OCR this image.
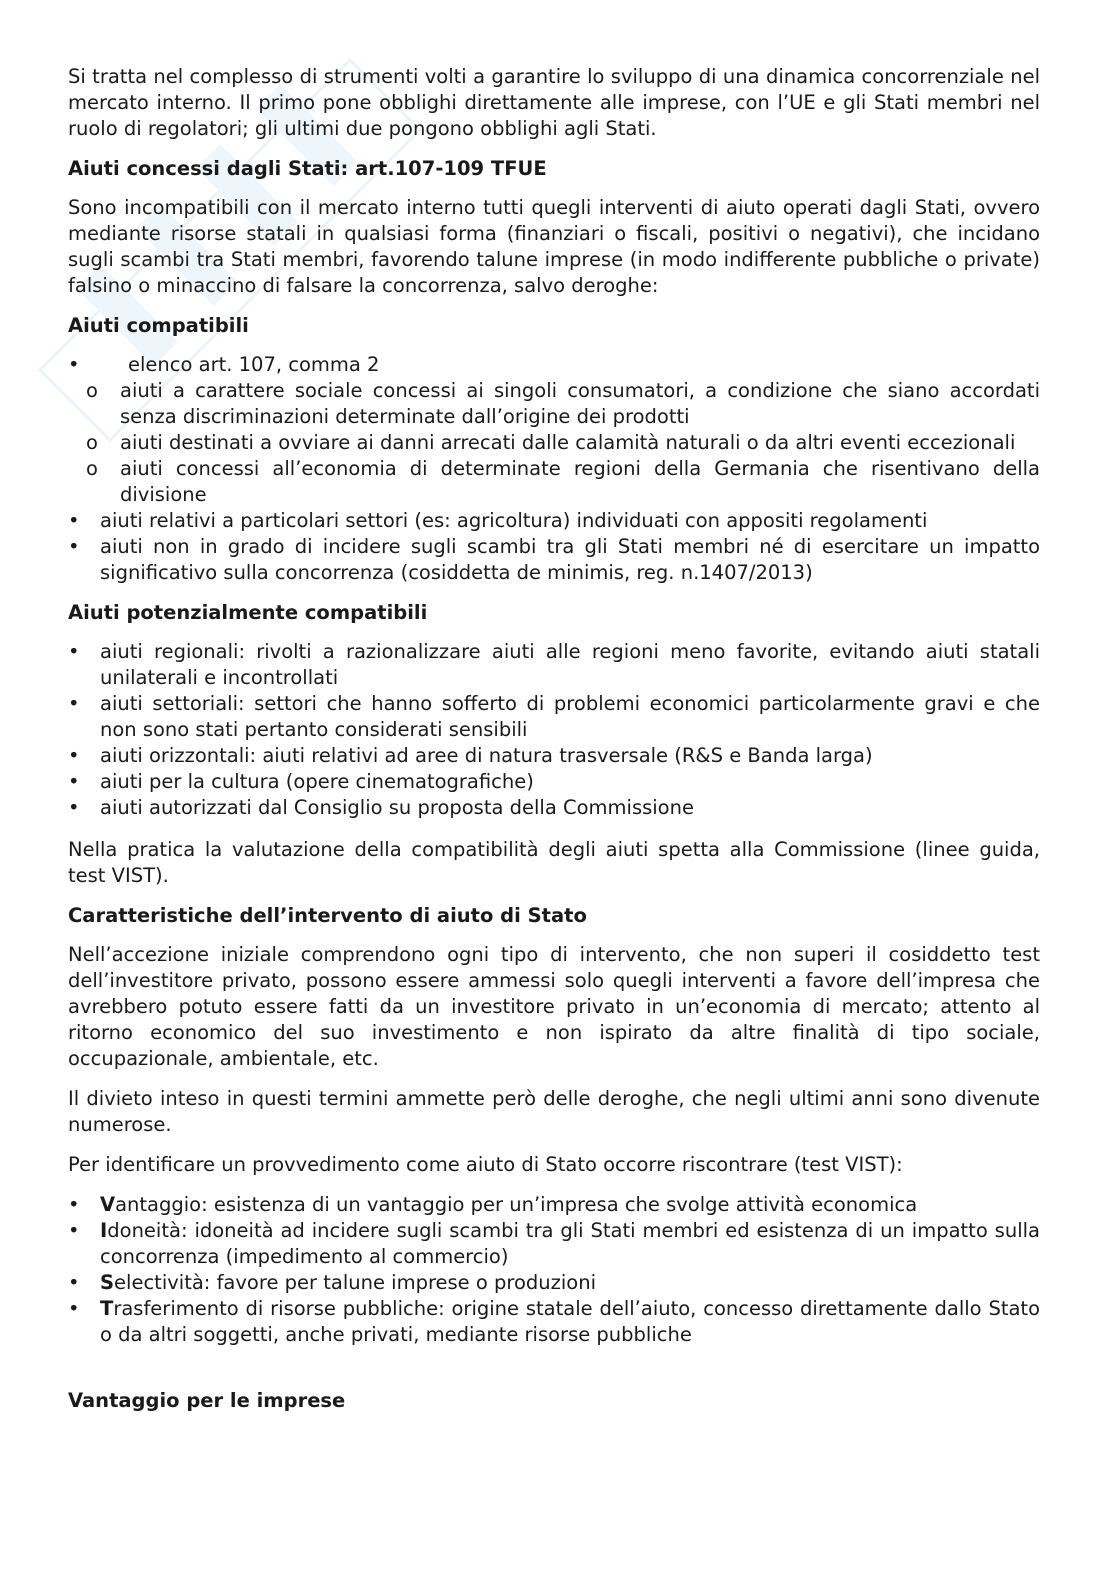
Si tratta nel complesso di strumenti volti a garantire lo sviluppo di una dinamica concorrenziale nel mercato interno. Il primo pone obblighi direttamente alle imprese, con l’UE e gli Stati membri nel ruolo di regolatori; gli ultimi due pongono obblighi agli Stati.

Aiuti concessi dagli Stati: art.107-109 TFUE

Sono incompatibili con il mercato interno tutti quegli interventi di aiuto operati dagli Stati, ovvero mediante risorse statali in qualsiasi forma (finanziari o fiscali, positivi o negativi), che incidano sugli scambi tra Stati membri, favorendo talune imprese (in modo indifferente pubbliche o private) falsino o minaccino di falsare la concorrenza, salvo deroghe:

Aiuti compatibili
• elenco art. 107, comma 2
o aiuti a carattere sociale concessi ai singoli consumatori, a condizione che siano accordati senza discriminazioni determinate dall’origine dei prodotti
o aiuti destinati a ovviare ai danni arrecati dalle calamità naturali o da altri eventi eccezionali
o aiuti concessi all’economia di determinate regioni della Germania che risentivano della divisione
• aiuti relativi a particolari settori (es: agricoltura) individuati con appositi regolamenti
• aiuti non in grado di incidere sugli scambi tra gli Stati membri né di esercitare un impatto significativo sulla concorrenza (cosiddetta de minimis, reg. n.1407/2013)
Aiuti potenzialmente compatibili
• aiuti regionali: rivolti a razionalizzare aiuti alle regioni meno favorite, evitando aiuti statali unilaterali e incontrollati
• aiuti settoriali: settori che hanno sofferto di problemi economici particolarmente gravi e che non sono stati pertanto considerati sensibili
• aiuti orizzontali: aiuti relativi ad aree di natura trasversale (R&S e Banda larga)
• aiuti per la cultura (opere cinematografiche)
• aiuti autorizzati dal Consiglio su proposta della Commissione

Nella pratica la valutazione della compatibilità degli aiuti spetta alla Commissione (linee guida, test VIST).

Caratteristiche dell’intervento di aiuto di Stato

Nell’accezione iniziale comprendono ogni tipo di intervento, che non superi il cosiddetto test dell’investitore privato, possono essere ammessi solo quegli interventi a favore dell’impresa che avrebbero potuto essere fatti da un investitore privato in un’economia di mercato; attento al ritorno economico del suo investimento e non ispirato da altre finalità di tipo sociale, occupazionale, ambientale, etc.

Il divieto inteso in questi termini ammette però delle deroghe, che negli ultimi anni sono divenute numerose.

Per identificare un provvedimento come aiuto di Stato occorre riscontrare (test VIST):

• Vantaggio: esistenza di un vantaggio per un’impresa che svolge attività economica
• Idoneità: idoneità ad incidere sugli scambi tra gli Stati membri ed esistenza di un impatto sulla concorrenza (impedimento al commercio)
• Selectività: favore per talune imprese o produzioni
• Trasferimento di risorse pubbliche: origine statale dell’aiuto, concesso direttamente dallo Stato o da altri soggetti, anche privati, mediante risorse pubbliche
Vantaggio per le imprese
